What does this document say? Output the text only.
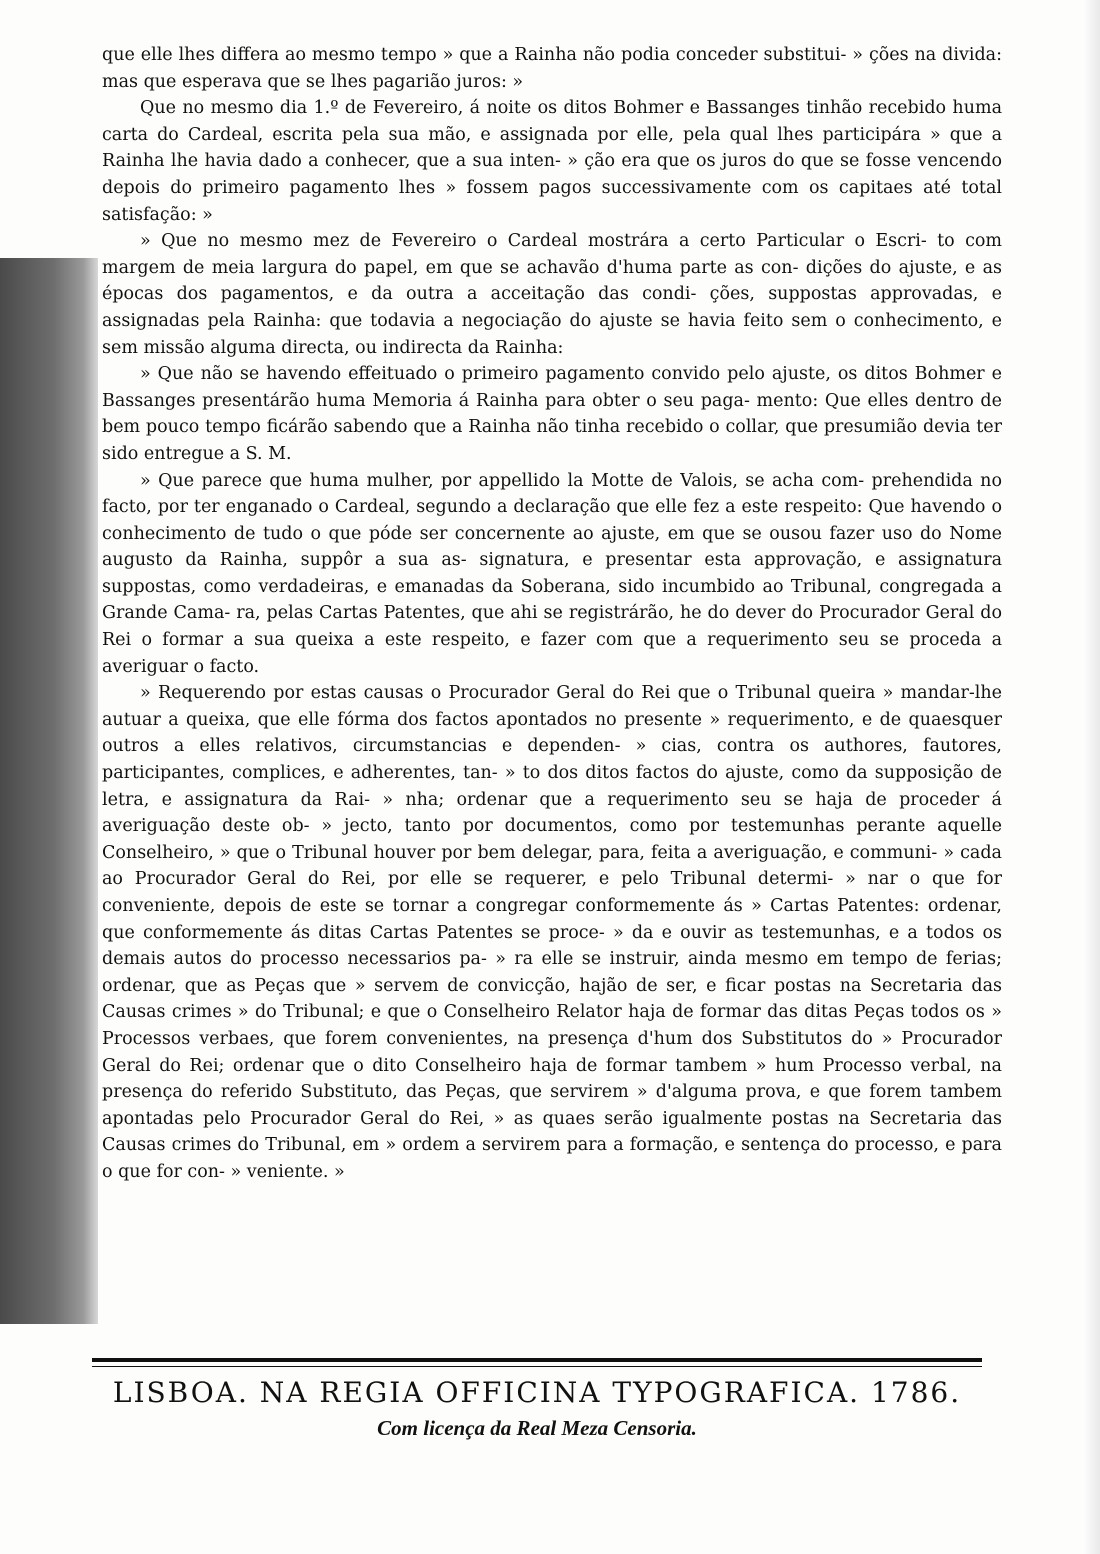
que elle lhes differa ao mesmo tempo » que a Rainha não podia conceder substitui- » ções na divida: mas que esperava que se lhes pagarião juros: »

Que no mesmo dia 1.º de Fevereiro, á noite os ditos Bohmer e Bassanges tinhão recebido huma carta do Cardeal, escrita pela sua mão, e assignada por elle, pela qual lhes participára » que a Rainha lhe havia dado a conhecer, que a sua inten- » ção era que os juros do que se fosse vencendo depois do primeiro pagamento lhes » fossem pagos successivamente com os capitaes até total satisfação: »

» Que no mesmo mez de Fevereiro o Cardeal mostrára a certo Particular o Escri- to com margem de meia largura do papel, em que se achavão d'huma parte as con- dições do ajuste, e as épocas dos pagamentos, e da outra a acceitação das condi- ções, suppostas approvadas, e assignadas pela Rainha: que todavia a negociação do ajuste se havia feito sem o conhecimento, e sem missão alguma directa, ou indirecta da Rainha:

» Que não se havendo effeituado o primeiro pagamento convido pelo ajuste, os ditos Bohmer e Bassanges presentárão huma Memoria á Rainha para obter o seu paga- mento: Que elles dentro de bem pouco tempo ficárão sabendo que a Rainha não tinha recebido o collar, que presumião devia ter sido entregue a S. M.

» Que parece que huma mulher, por appellido la Motte de Valois, se acha com- prehendida no facto, por ter enganado o Cardeal, segundo a declaração que elle fez a este respeito: Que havendo o conhecimento de tudo o que póde ser concernente ao ajuste, em que se ousou fazer uso do Nome augusto da Rainha, suppôr a sua as- signatura, e presentar esta approvação, e assignatura suppostas, como verdadeiras, e emanadas da Soberana, sido incumbido ao Tribunal, congregada a Grande Cama- ra, pelas Cartas Patentes, que ahi se registrárão, he do dever do Procurador Geral do Rei o formar a sua queixa a este respeito, e fazer com que a requerimento seu se proceda a averiguar o facto.

» Requerendo por estas causas o Procurador Geral do Rei que o Tribunal queira » mandar-lhe autuar a queixa, que elle fórma dos factos apontados no presente » requerimento, e de quaesquer outros a elles relativos, circumstancias e dependen- » cias, contra os authores, fautores, participantes, complices, e adherentes, tan- » to dos ditos factos do ajuste, como da supposição de letra, e assignatura da Rai- » nha; ordenar que a requerimento seu se haja de proceder á averiguação deste ob- » jecto, tanto por documentos, como por testemunhas perante aquelle Conselheiro, » que o Tribunal houver por bem delegar, para, feita a averiguação, e communi- » cada ao Procurador Geral do Rei, por elle se requerer, e pelo Tribunal determi- » nar o que for conveniente, depois de este se tornar a congregar conformemente ás » Cartas Patentes: ordenar, que conformemente ás ditas Cartas Patentes se proce- » da e ouvir as testemunhas, e a todos os demais autos do processo necessarios pa- » ra elle se instruir, ainda mesmo em tempo de ferias; ordenar, que as Peças que » servem de convicção, hajão de ser, e ficar postas na Secretaria das Causas crimes » do Tribunal; e que o Conselheiro Relator haja de formar das ditas Peças todos os » Processos verbaes, que forem convenientes, na presença d'hum dos Substitutos do » Procurador Geral do Rei; ordenar que o dito Conselheiro haja de formar tambem » hum Processo verbal, na presença do referido Substituto, das Peças, que servirem » d'alguma prova, e que forem tambem apontadas pelo Procurador Geral do Rei, » as quaes serão igualmente postas na Secretaria das Causas crimes do Tribunal, em » ordem a servirem para a formação, e sentença do processo, e para o que for con- » veniente. »

LISBOA. NA REGIA OFFICINA TYPOGRAFICA. 1786.
Com licença da Real Meza Censoria.
